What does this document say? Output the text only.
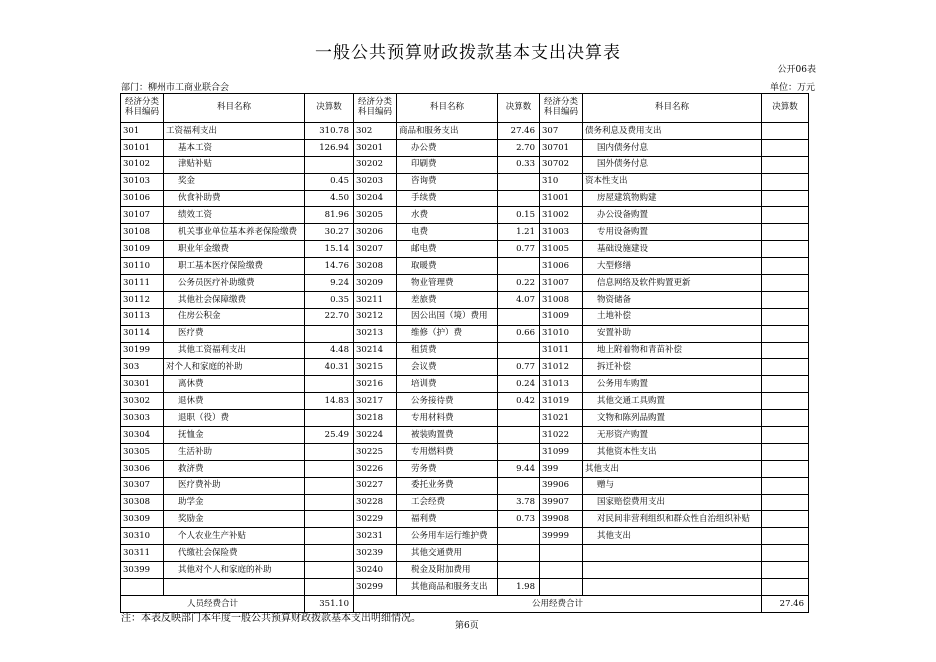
一般公共预算财政拨款基本支出决算表
公开06表
部门：柳州市工商业联合会	单位：万元
经济分类科目编码	科目名称	决算数	经济分类科目编码	科目名称	决算数	经济分类科目编码	科目名称	决算数
301	工资福利支出	310.78	302	商品和服务支出	27.46	307	债务利息及费用支出	
30101	基本工资	126.94	30201	办公费	2.70	30701	国内债务付息	
30102	津贴补贴		30202	印刷费	0.33	30702	国外债务付息	
30103	奖金	0.45	30203	咨询费		310	资本性支出	
30106	伙食补助费	4.50	30204	手续费		31001	房屋建筑物购建	
30107	绩效工资	81.96	30205	水费	0.15	31002	办公设备购置	
30108	机关事业单位基本养老保险缴费	30.27	30206	电费	1.21	31003	专用设备购置	
30109	职业年金缴费	15.14	30207	邮电费	0.77	31005	基础设施建设	
30110	职工基本医疗保险缴费	14.76	30208	取暖费		31006	大型修缮	
30111	公务员医疗补助缴费	9.24	30209	物业管理费	0.22	31007	信息网络及软件购置更新	
30112	其他社会保障缴费	0.35	30211	差旅费	4.07	31008	物资储备	
30113	住房公积金	22.70	30212	因公出国（境）费用		31009	土地补偿	
30114	医疗费		30213	维修（护）费	0.66	31010	安置补助	
30199	其他工资福利支出	4.48	30214	租赁费		31011	地上附着物和青苗补偿	
303	对个人和家庭的补助	40.31	30215	会议费	0.77	31012	拆迁补偿	
30301	离休费		30216	培训费	0.24	31013	公务用车购置	
30302	退休费	14.83	30217	公务接待费	0.42	31019	其他交通工具购置	
30303	退职（役）费		30218	专用材料费		31021	文物和陈列品购置	
30304	抚恤金	25.49	30224	被装购置费		31022	无形资产购置	
30305	生活补助		30225	专用燃料费		31099	其他资本性支出	
30306	救济费		30226	劳务费	9.44	399	其他支出	
30307	医疗费补助		30227	委托业务费		39906	赠与	
30308	助学金		30228	工会经费	3.78	39907	国家赔偿费用支出	
30309	奖励金		30229	福利费	0.73	39908	对民间非营利组织和群众性自治组织补贴	
30310	个人农业生产补贴		30231	公务用车运行维护费		39999	其他支出	
30311	代缴社会保险费		30239	其他交通费用				
30399	其他对个人和家庭的补助		30240	税金及附加费用				
			30299	其他商品和服务支出	1.98			
人员经费合计		351.10	公用经费合计					27.46
注：本表反映部门本年度一般公共预算财政拨款基本支出明细情况。
第6页
